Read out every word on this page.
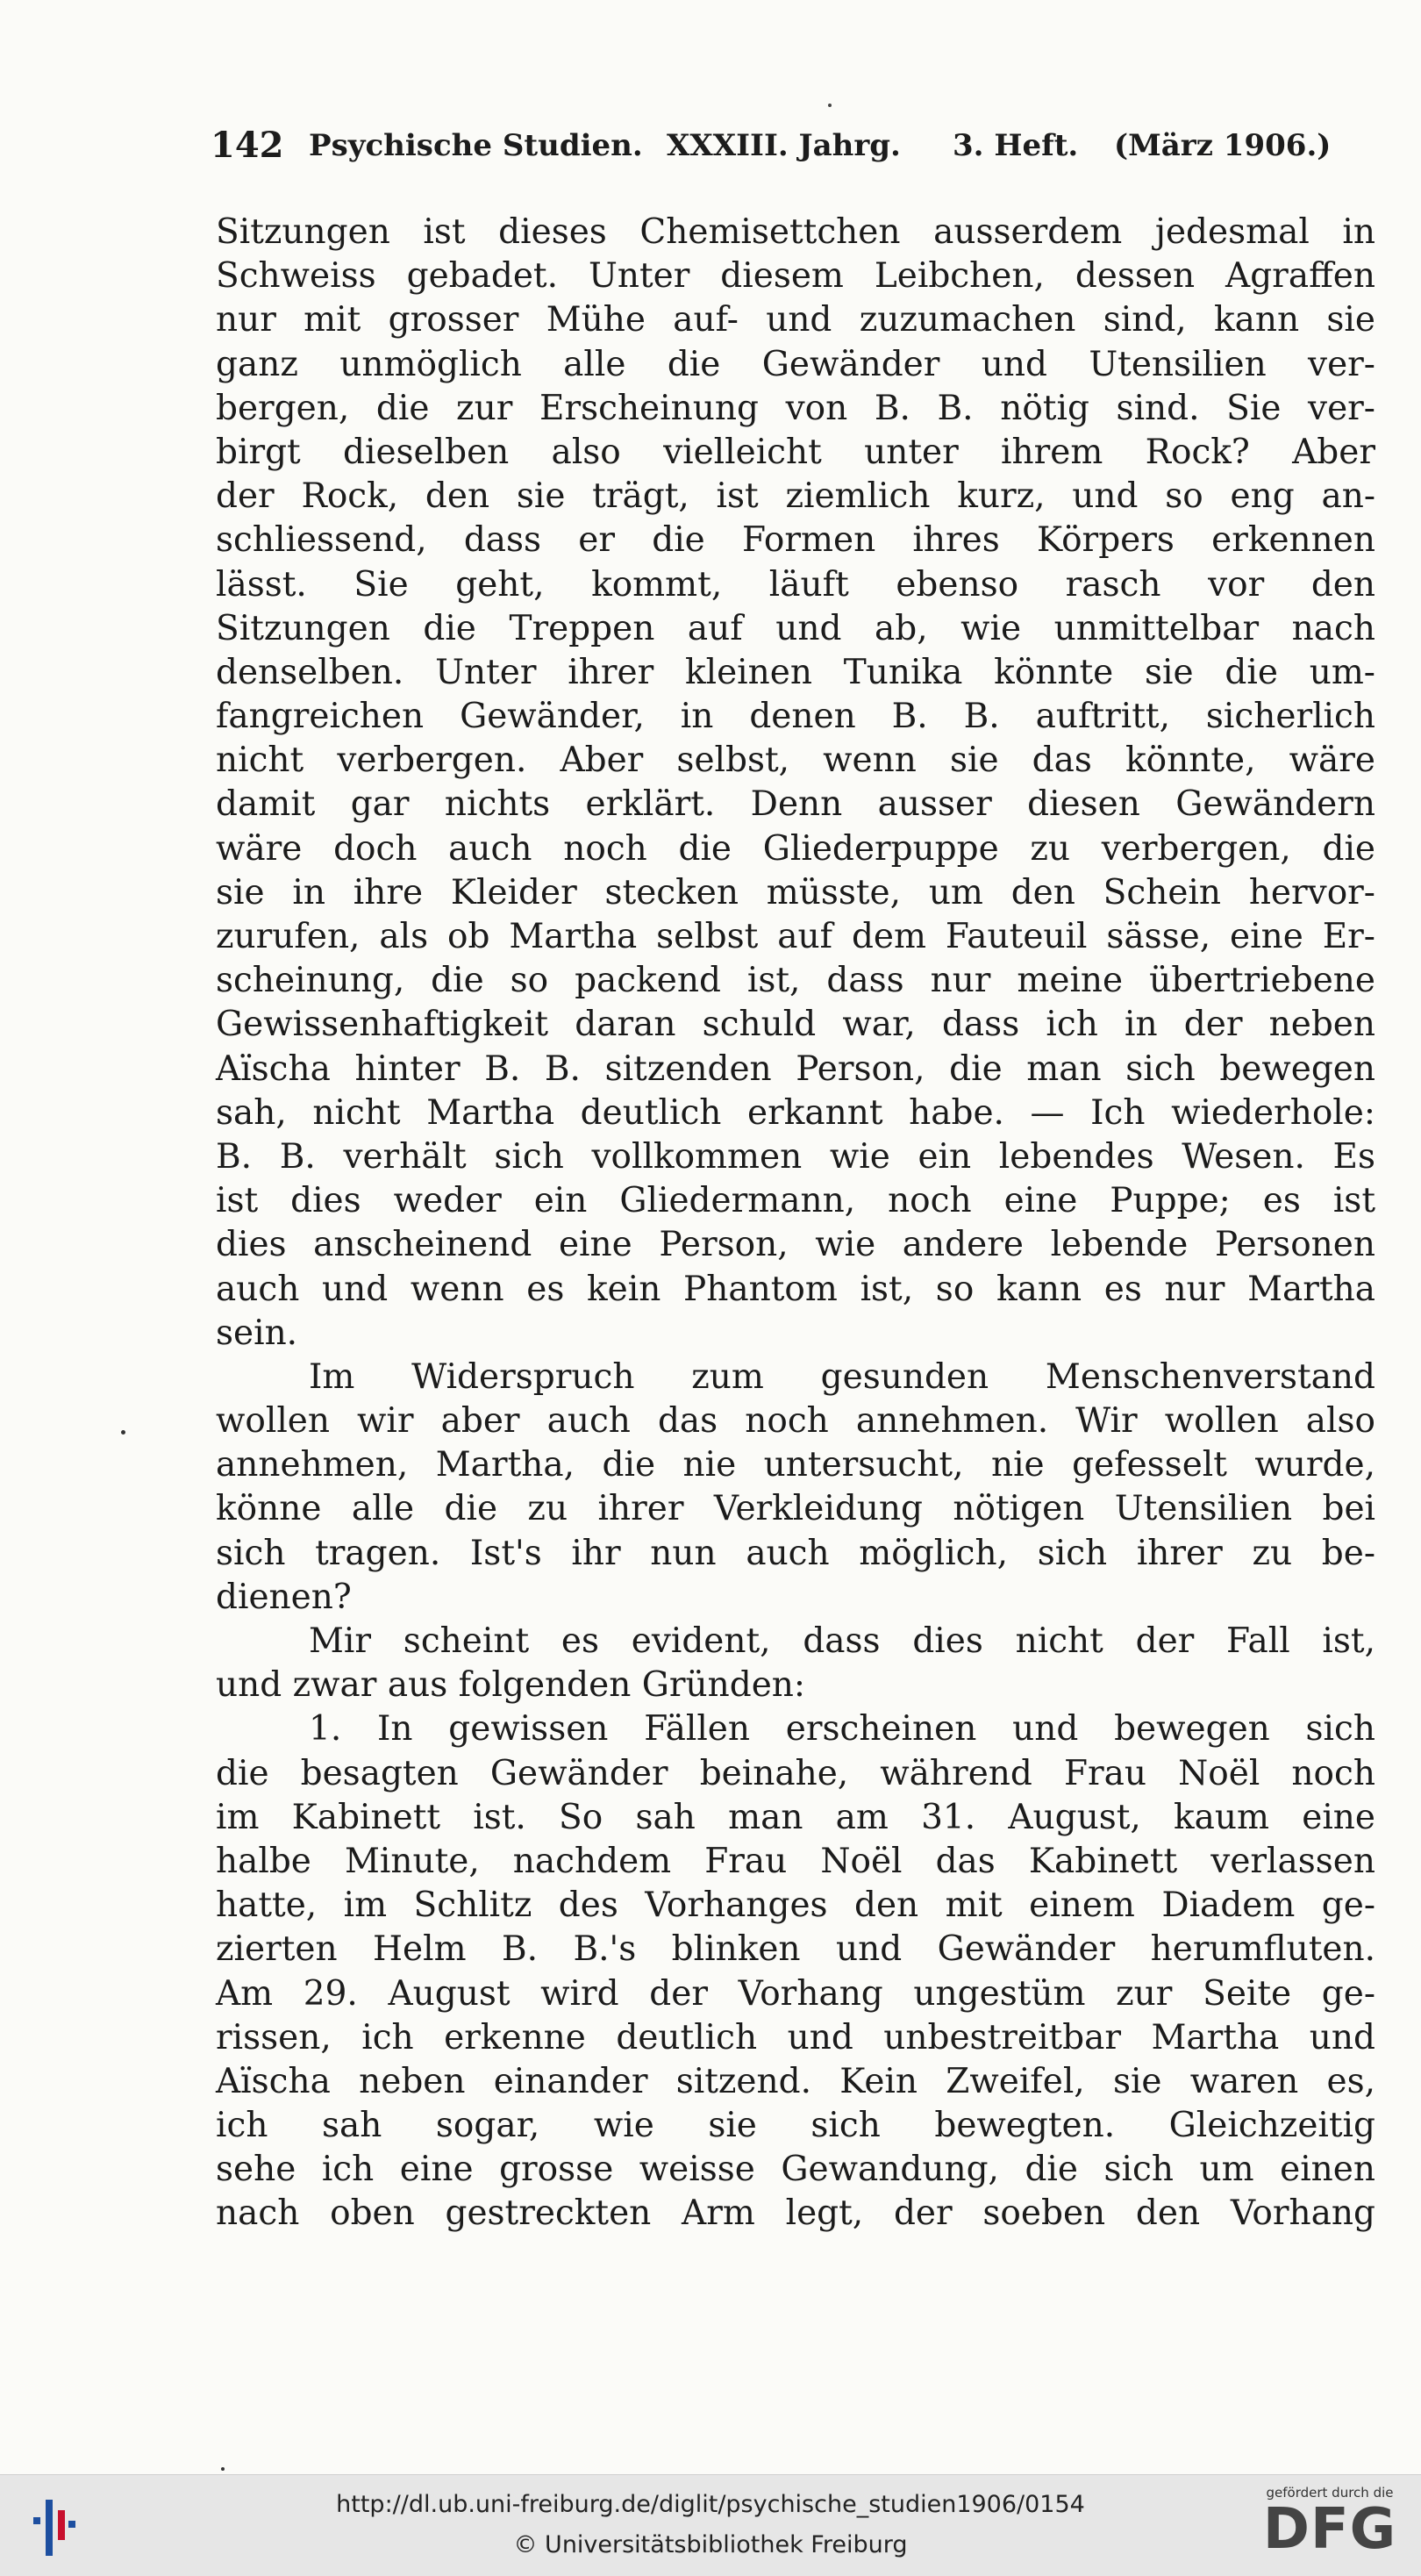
142 Psychische Studien. XXXIII. Jahrg. 3. Heft. (März 1906.)
Sitzungen ist dieses Chemisettchen ausserdem jedesmal in
Schweiss gebadet. Unter diesem Leibchen, dessen Agraffen
nur mit grosser Mühe auf- und zuzumachen sind, kann sie
ganz unmöglich alle die Gewänder und Utensilien ver-
bergen, die zur Erscheinung von B. B. nötig sind. Sie ver-
birgt dieselben also vielleicht unter ihrem Rock? Aber
der Rock, den sie trägt, ist ziemlich kurz, und so eng an-
schliessend, dass er die Formen ihres Körpers erkennen
lässt. Sie geht, kommt, läuft ebenso rasch vor den
Sitzungen die Treppen auf und ab, wie unmittelbar nach
denselben. Unter ihrer kleinen Tunika könnte sie die um-
fangreichen Gewänder, in denen B. B. auftritt, sicherlich
nicht verbergen. Aber selbst, wenn sie das könnte, wäre
damit gar nichts erklärt. Denn ausser diesen Gewändern
wäre doch auch noch die Gliederpuppe zu verbergen, die
sie in ihre Kleider stecken müsste, um den Schein hervor-
zurufen, als ob Martha selbst auf dem Fauteuil sässe, eine Er-
scheinung, die so packend ist, dass nur meine übertriebene
Gewissenhaftigkeit daran schuld war, dass ich in der neben
Aïscha hinter B. B. sitzenden Person, die man sich bewegen
sah, nicht Martha deutlich erkannt habe. — Ich wiederhole:
B. B. verhält sich vollkommen wie ein lebendes Wesen. Es
ist dies weder ein Gliedermann, noch eine Puppe; es ist
dies anscheinend eine Person, wie andere lebende Personen
auch und wenn es kein Phantom ist, so kann es nur Martha
sein.
Im Widerspruch zum gesunden Menschenverstand
wollen wir aber auch das noch annehmen. Wir wollen also
annehmen, Martha, die nie untersucht, nie gefesselt wurde,
könne alle die zu ihrer Verkleidung nötigen Utensilien bei
sich tragen. Ist's ihr nun auch möglich, sich ihrer zu be-
dienen?
Mir scheint es evident, dass dies nicht der Fall ist,
und zwar aus folgenden Gründen:
1. In gewissen Fällen erscheinen und bewegen sich
die besagten Gewänder beinahe, während Frau Noël noch
im Kabinett ist. So sah man am 31. August, kaum eine
halbe Minute, nachdem Frau Noël das Kabinett verlassen
hatte, im Schlitz des Vorhanges den mit einem Diadem ge-
zierten Helm B. B.'s blinken und Gewänder herumfluten.
Am 29. August wird der Vorhang ungestüm zur Seite ge-
rissen, ich erkenne deutlich und unbestreitbar Martha und
Aïscha neben einander sitzend. Kein Zweifel, sie waren es,
ich sah sogar, wie sie sich bewegten. Gleichzeitig
sehe ich eine grosse weisse Gewandung, die sich um einen
nach oben gestreckten Arm legt, der soeben den Vorhang
http://dl.ub.uni-freiburg.de/diglit/psychische_studien1906/0154
© Universitätsbibliothek Freiburg
gefördert durch die
DFG
